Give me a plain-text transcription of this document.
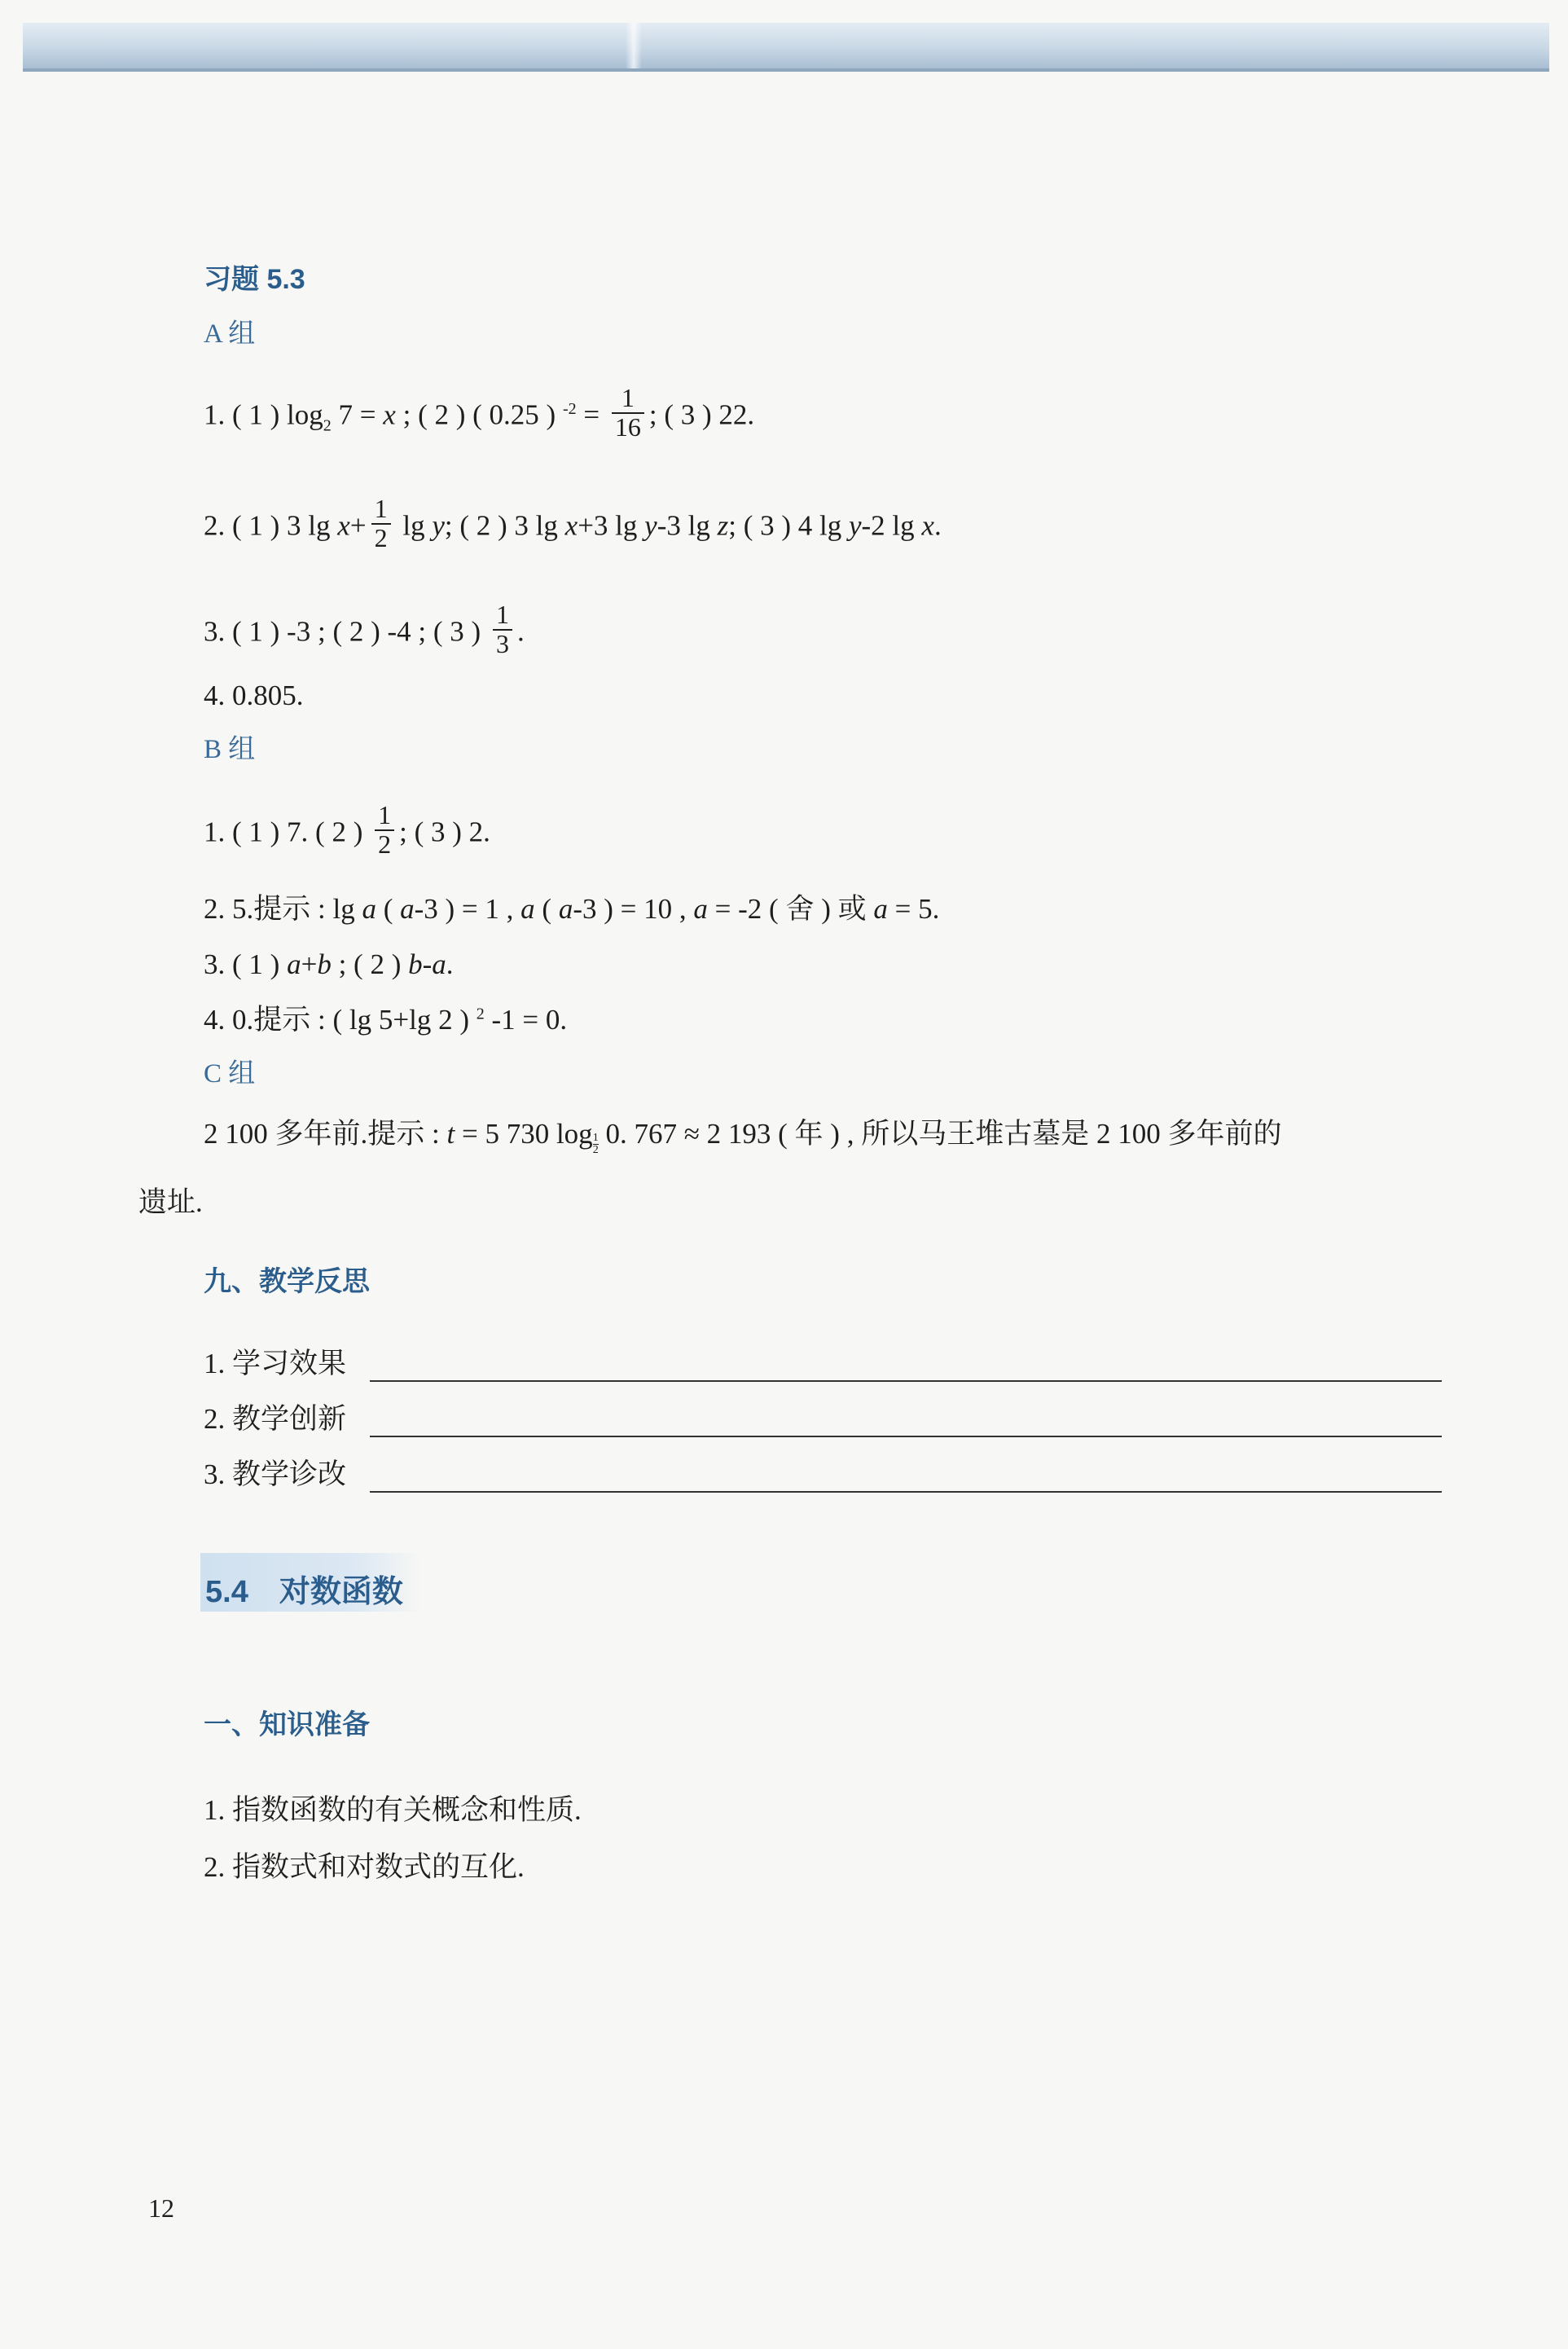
习题 5.3
A 组
1. ( 1 ) $\log_2 7 = x$ ; ( 2 ) ( 0.25 ) $^{-2} = \frac{1}{16}$ ; ( 3 ) 22.
2. ( 1 ) 3 $\lg x+ \frac{1}{2}$ lg y; ( 2 ) 3 lg x+3 lg y-3 lg z; ( 3 ) 4 lg y-2 lg x.
3. ( 1 ) -3 ; ( 2 ) -4 ; ( 3 ) $\frac{1}{3}$ .
4. 0.805.
B 组
1. ( 1 ) 7. ( 2 ) $\frac{1}{2}$ ; ( 3 ) 2.
2. 5.提示 : lg a ( a-3 ) = 1 , a ( a-3 ) = 10 , a = -2 ( 舍 ) 或 a = 5.
3. ( 1 ) a+b ; ( 2 ) b-a.
4. 0.提示 : ( lg 5+lg 2 ) $^2$ -1 = 0.
C 组
2 100 多年前.提示 : t = 5 730 $\log \frac{1}{2} 0$. 767 ≈ 2 193 ( 年 ) , 所以马王堆古墓是 2 100 多年前的
遗址.
九、教学反思
1. 学习效果
2. 教学创新
3. 教学诊改
5.4　对数函数
一、知识准备
1. 指数函数的有关概念和性质.
2. 指数式和对数式的互化.
12
